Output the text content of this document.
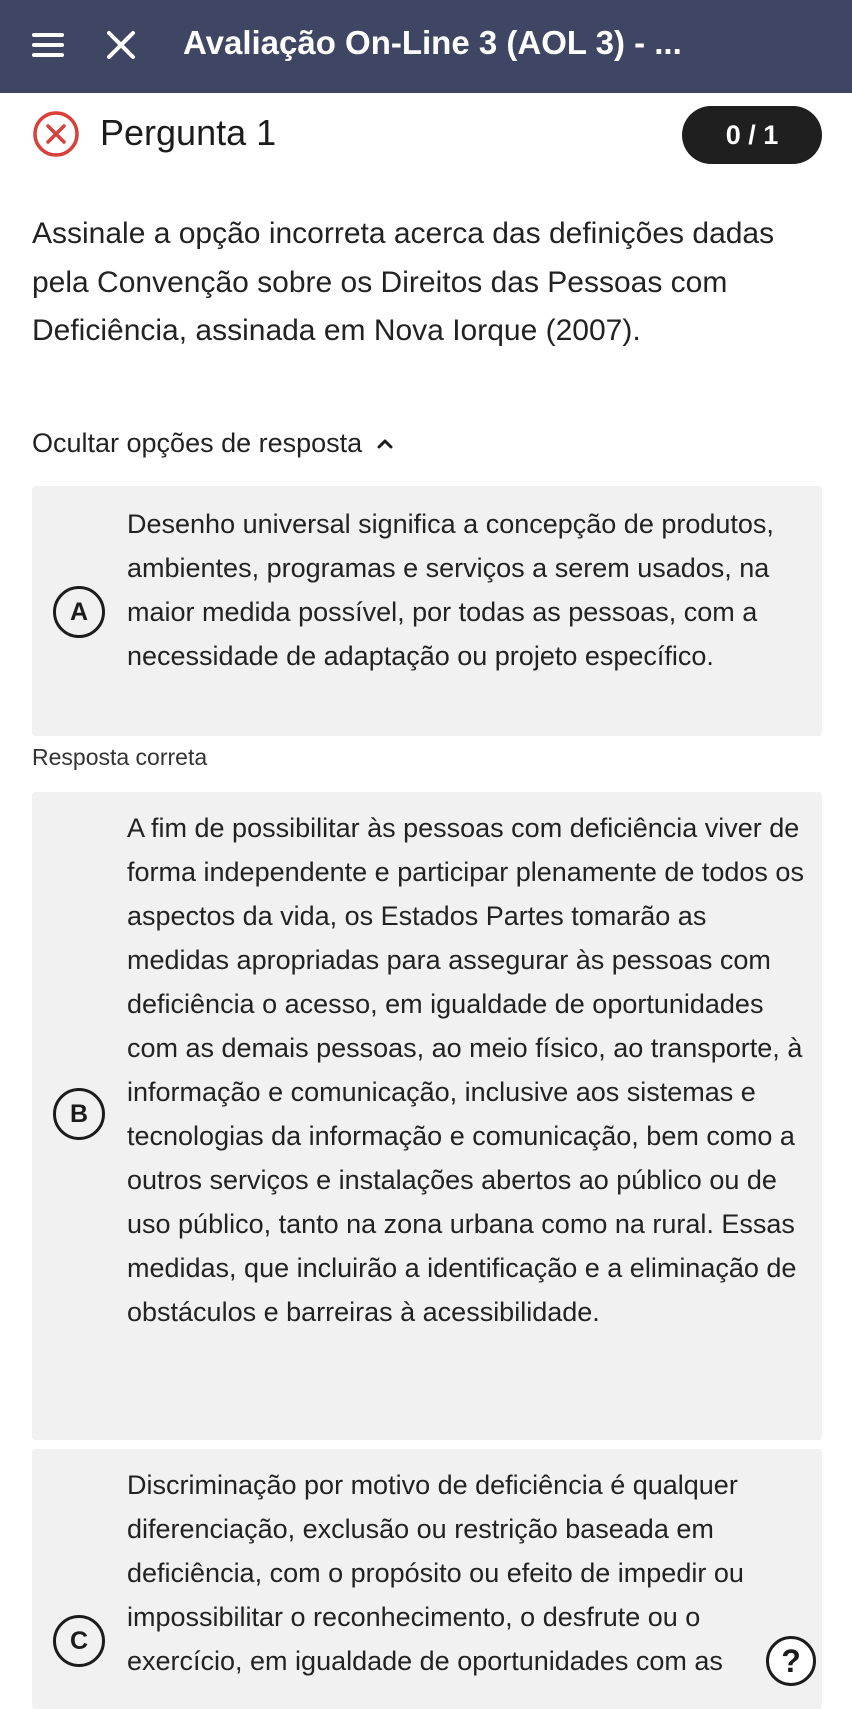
Avaliação On-Line 3 (AOL 3) - ...
Pergunta 1	0 / 1
Assinale a opção incorreta acerca das definições dadas pela Convenção sobre os Direitos das Pessoas com Deficiência, assinada em Nova Iorque (2007).
Ocultar opções de resposta
A
Desenho universal significa a concepção de produtos, ambientes, programas e serviços a serem usados, na maior medida possível, por todas as pessoas, com a necessidade de adaptação ou projeto específico.
Resposta correta
B
A fim de possibilitar às pessoas com deficiência viver de forma independente e participar plenamente de todos os aspectos da vida, os Estados Partes tomarão as medidas apropriadas para assegurar às pessoas com deficiência o acesso, em igualdade de oportunidades com as demais pessoas, ao meio físico, ao transporte, à informação e comunicação, inclusive aos sistemas e tecnologias da informação e comunicação, bem como a outros serviços e instalações abertos ao público ou de uso público, tanto na zona urbana como na rural. Essas medidas, que incluirão a identificação e a eliminação de obstáculos e barreiras à acessibilidade.
C
Discriminação por motivo de deficiência é qualquer diferenciação, exclusão ou restrição baseada em deficiência, com o propósito ou efeito de impedir ou impossibilitar o reconhecimento, o desfrute ou o exercício, em igualdade de oportunidades com as	?
